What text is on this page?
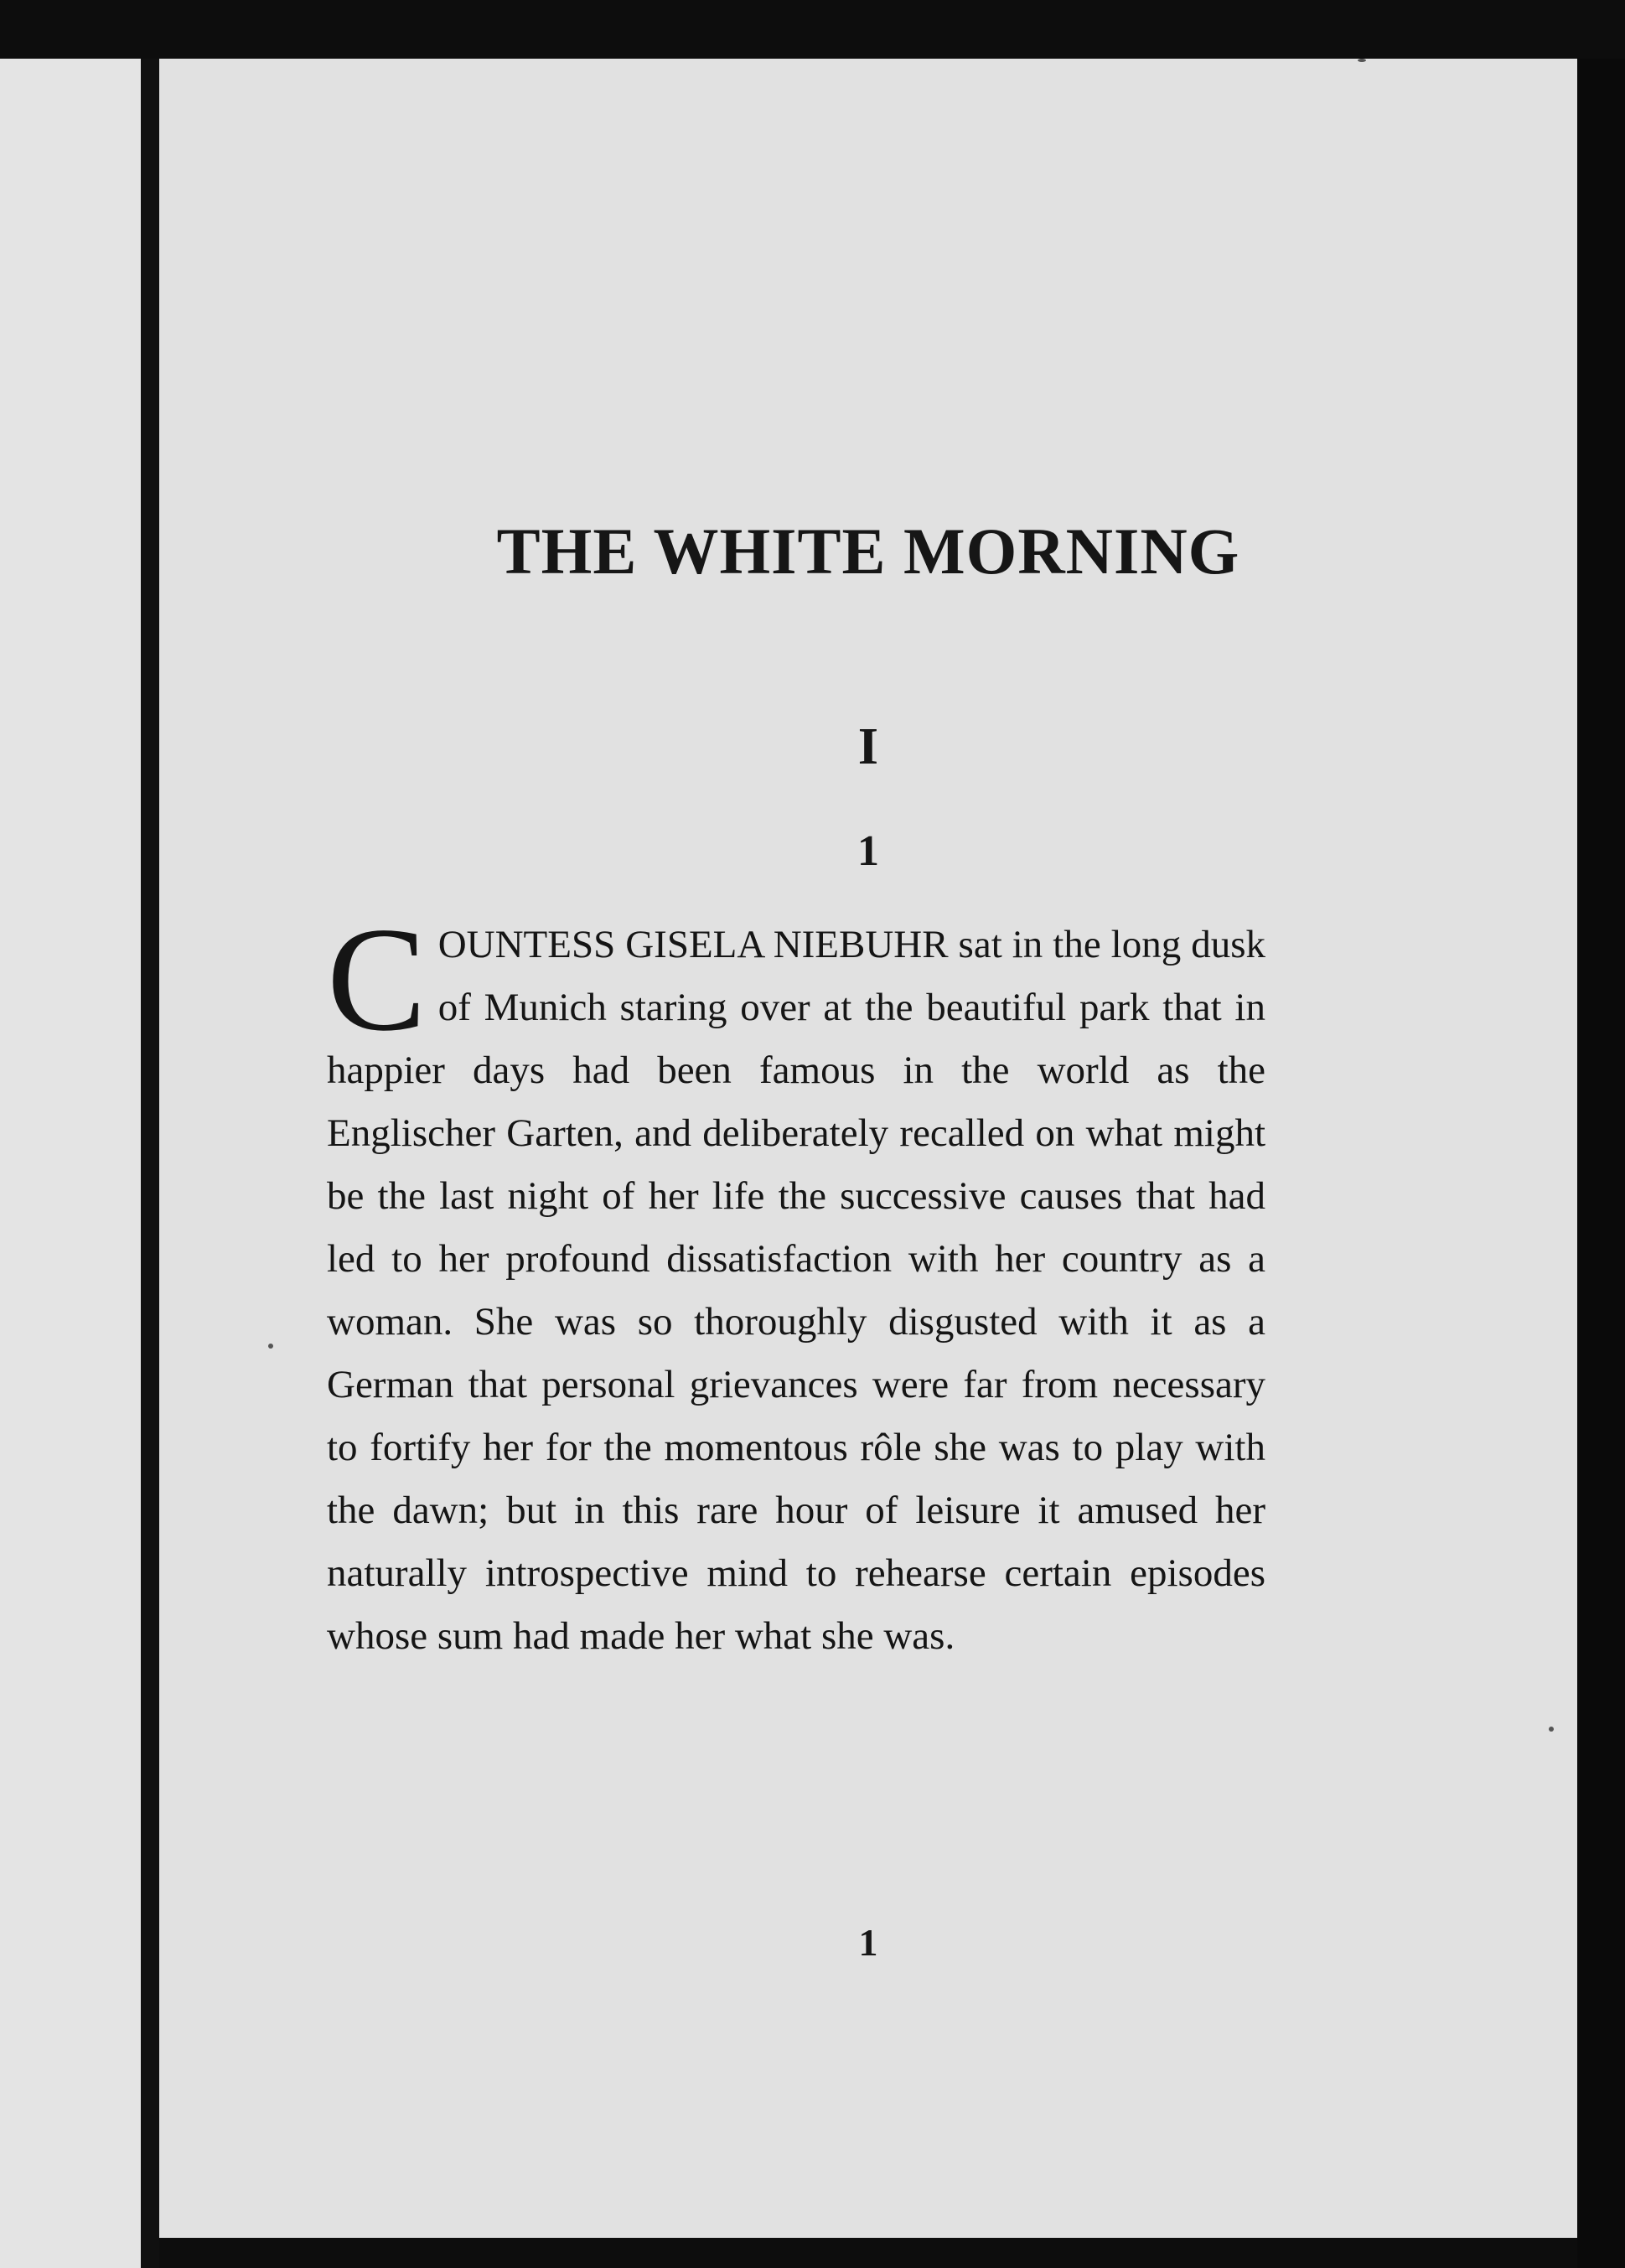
THE WHITE MORNING
I
1

COUNTESS GISELA NIEBUHR sat in the long dusk of Munich staring over at the beautiful park that in happier days had been famous in the world as the Englischer Garten, and deliberately recalled on what might be the last night of her life the successive causes that had led to her profound dissatisfaction with her country as a woman. She was so thoroughly disgusted with it as a German that personal grievances were far from necessary to fortify her for the momentous rôle she was to play with the dawn; but in this rare hour of leisure it amused her naturally introspective mind to rehearse certain episodes whose sum had made her what she was.

1
